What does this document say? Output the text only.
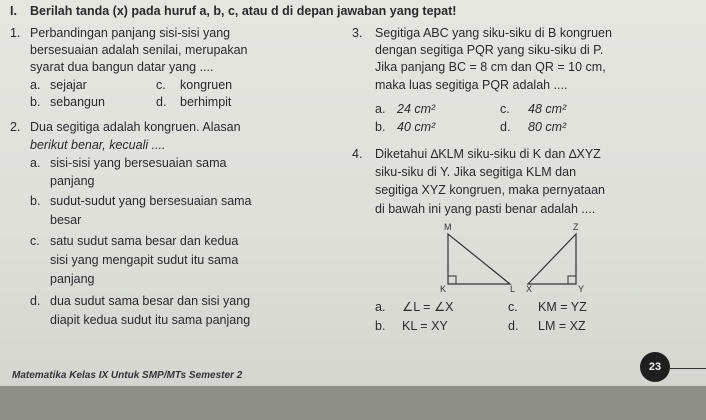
I. Berilah tanda (x) pada huruf a, b, c, atau d di depan jawaban yang tepat!
1. Perbandingan panjang sisi-sisi yang
bersesuaian adalah senilai, merupakan
syarat dua bangun datar yang ....
a. sejajar	c. kongruen
b. sebangun	d. berhimpit
2. Dua segitiga adalah kongruen. Alasan
berikut benar, kecuali ....
a. sisi-sisi yang bersesuaian sama
panjang
b. sudut-sudut yang bersesuaian sama
besar
c. satu sudut sama besar dan kedua
sisi yang mengapit sudut itu sama
panjang
d. dua sudut sama besar dan sisi yang
diapit kedua sudut itu sama panjang
3. Segitiga ABC yang siku-siku di B kongruen
dengan segitiga PQR yang siku-siku di P.
Jika panjang BC = 8 cm dan QR = 10 cm,
maka luas segitiga PQR adalah ....
a. 24 cm²	c. 48 cm²
b. 40 cm²	d. 80 cm²
4. Diketahui ∆KLM siku-siku di K dan ∆XYZ
siku-siku di Y. Jika segitiga KLM dan
segitiga XYZ kongruen, maka pernyataan
di bawah ini yang pasti benar adalah ....
M
K	L
Z
X	Y
a. ∠L = ∠X	c. KM = YZ
b. KL = XY	d. LM = XZ
Matematika Kelas IX Untuk SMP/MTs Semester 2
23
